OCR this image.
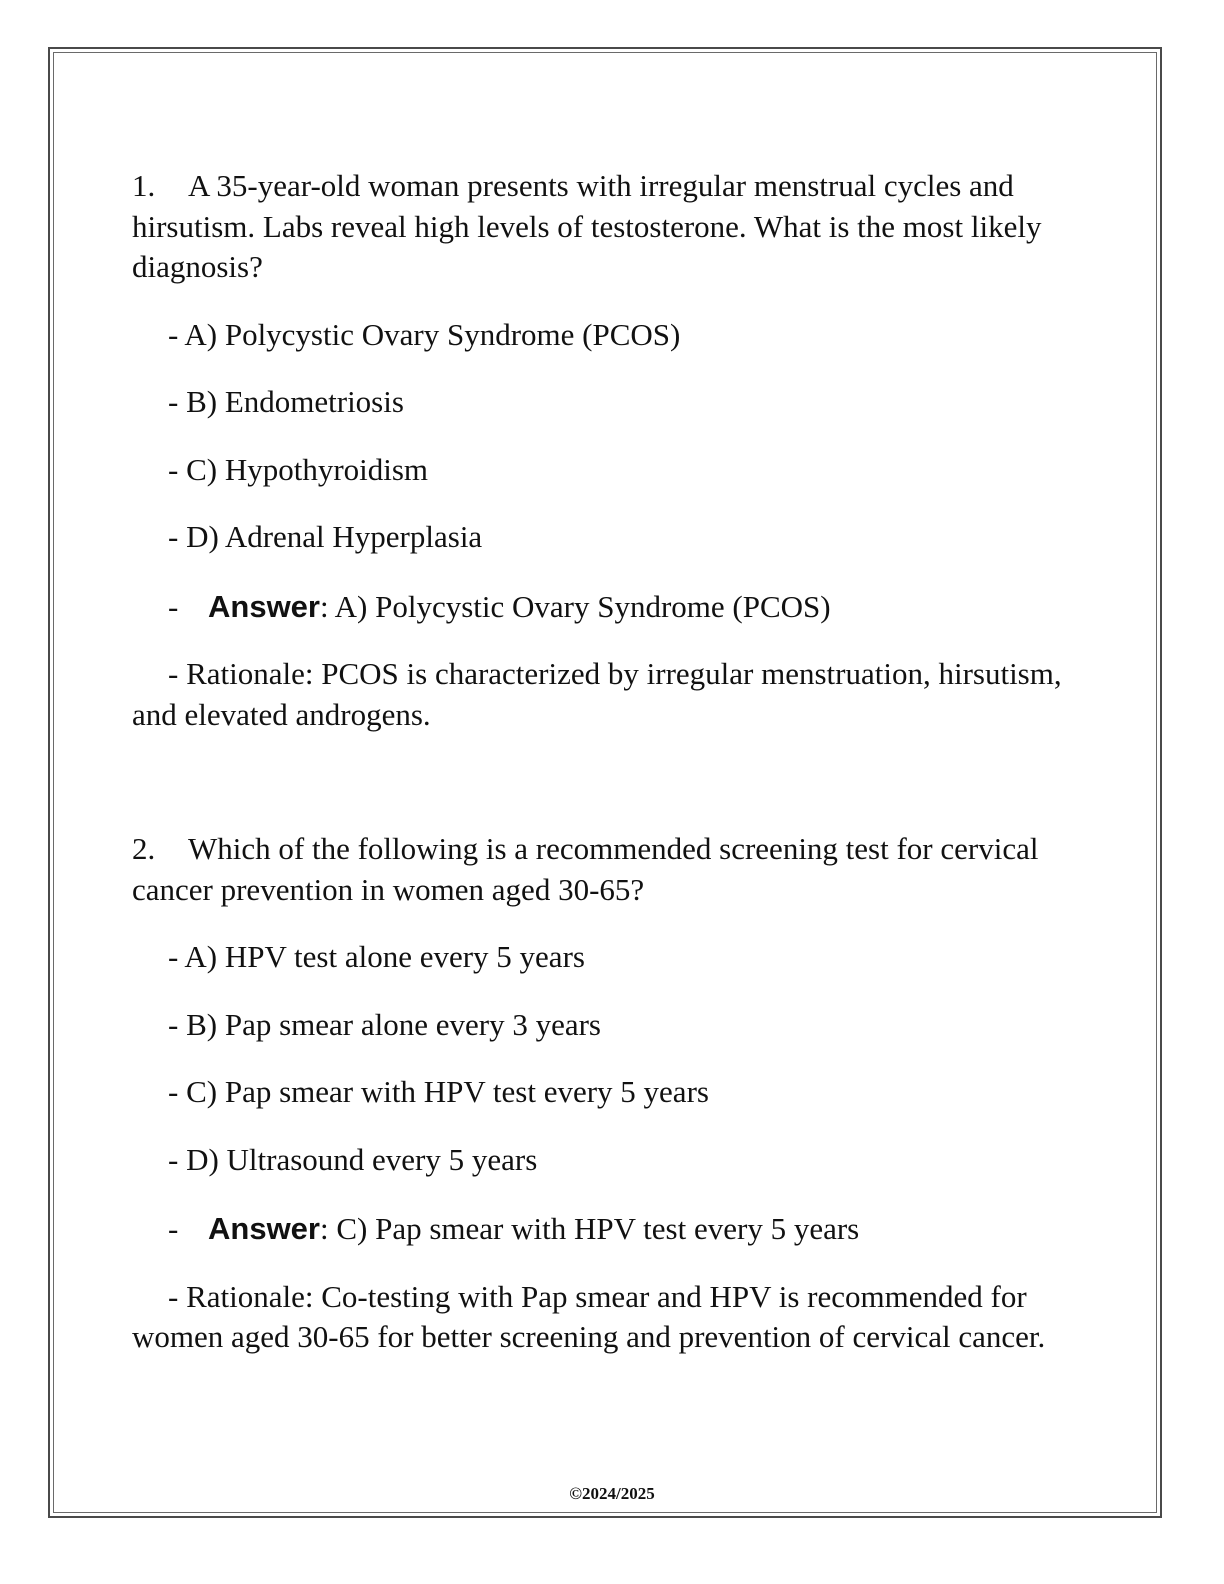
1. A 35-year-old woman presents with irregular menstrual cycles and hirsutism. Labs reveal high levels of testosterone. What is the most likely diagnosis?

- A) Polycystic Ovary Syndrome (PCOS)

- B) Endometriosis

- C) Hypothyroidism

- D) Adrenal Hyperplasia

- Answer: A) Polycystic Ovary Syndrome (PCOS)

- Rationale: PCOS is characterized by irregular menstruation, hirsutism, and elevated androgens.

2. Which of the following is a recommended screening test for cervical cancer prevention in women aged 30-65?

- A) HPV test alone every 5 years

- B) Pap smear alone every 3 years

- C) Pap smear with HPV test every 5 years

- D) Ultrasound every 5 years

- Answer: C) Pap smear with HPV test every 5 years

- Rationale: Co-testing with Pap smear and HPV is recommended for women aged 30-65 for better screening and prevention of cervical cancer.

©2024/2025
